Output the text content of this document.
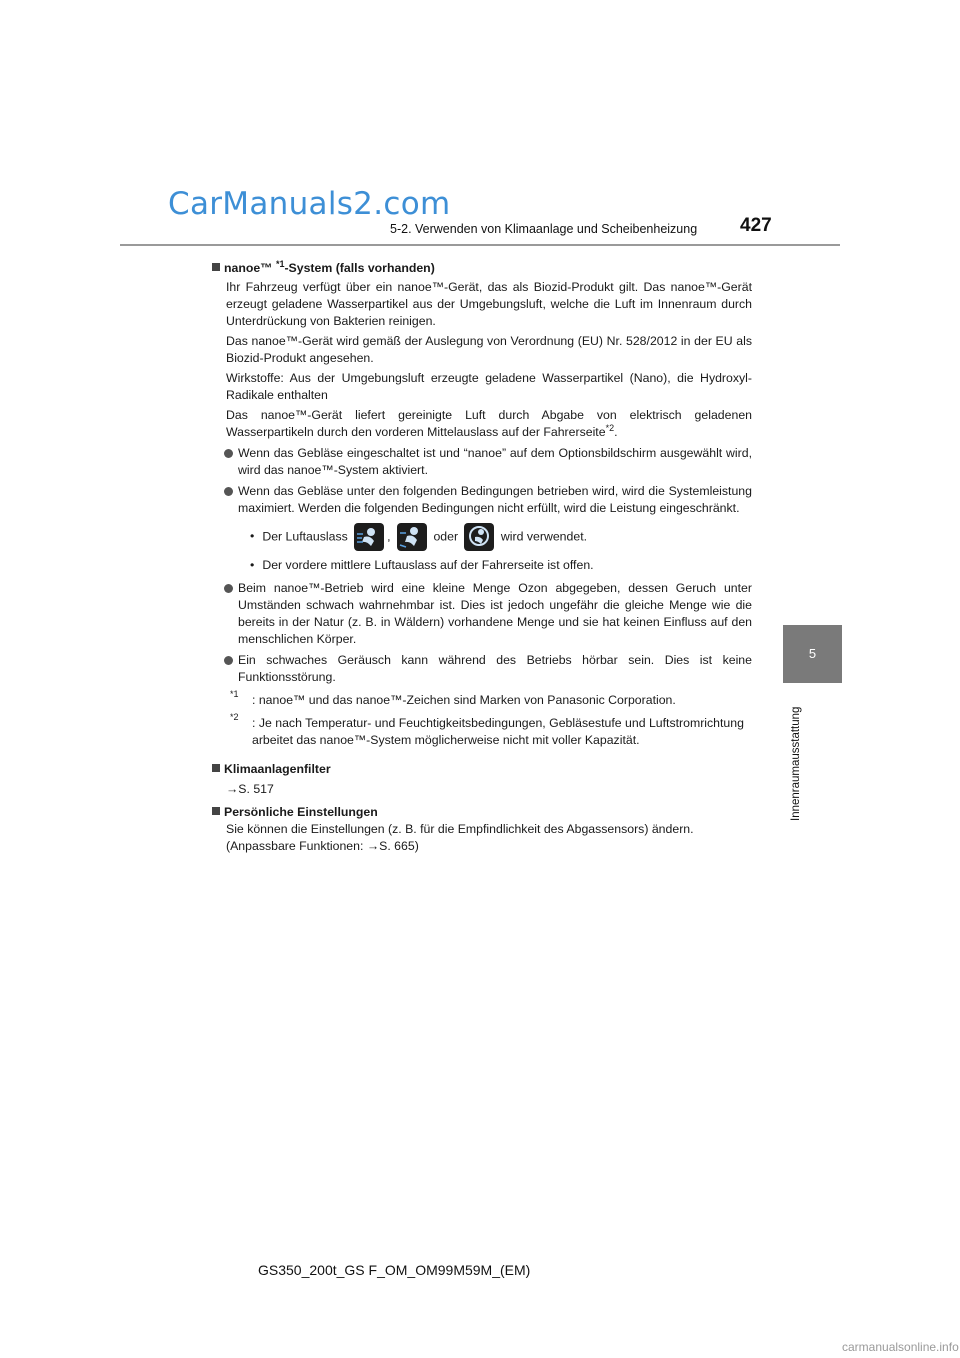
CarManuals2.com
5-2. Verwenden von Klimaanlage und Scheibenheizung 427
5
Innenraumausstattung
nanoe™ $^{*1}$-System (falls vorhanden)
Ihr Fahrzeug verfügt über ein nanoe™-Gerät, das als Biozid-Produkt gilt. Das nanoe™-Gerät erzeugt geladene Wasserpartikel aus der Umgebungsluft, welche die Luft im Innenraum durch Unterdrückung von Bakterien reinigen.
Das nanoe™-Gerät wird gemäß der Auslegung von Verordnung (EU) Nr. 528/2012 in der EU als Biozid-Produkt angesehen.
Wirkstoffe: Aus der Umgebungsluft erzeugte geladene Wasserpartikel (Nano), die Hydroxyl-Radikale enthalten
Das nanoe™-Gerät liefert gereinigte Luft durch Abgabe von elektrisch geladenen Wasserpartikeln durch den vorderen Mittelauslass auf der Fahrerseite$^{*2}$.
Wenn das Gebläse eingeschaltet ist und “nanoe” auf dem Optionsbildschirm ausgewählt wird, wird das nanoe™-System aktiviert.
Wenn das Gebläse unter den folgenden Bedingungen betrieben wird, wird die Systemleistung maximiert. Werden die folgenden Bedingungen nicht erfüllt, wird die Leistung eingeschränkt.
• Der Luftauslass	,	oder	wird verwendet.
• Der vordere mittlere Luftauslass auf der Fahrerseite ist offen.
Beim nanoe™-Betrieb wird eine kleine Menge Ozon abgegeben, dessen Geruch unter Umständen schwach wahrnehmbar ist. Dies ist jedoch ungefähr die gleiche Menge wie die bereits in der Natur (z. B. in Wäldern) vorhandene Menge und sie hat keinen Einfluss auf den menschlichen Körper.
Ein schwaches Geräusch kann während des Betriebs hörbar sein. Dies ist keine Funktionsstörung.
$^{*1}$ : nanoe™ und das nanoe™-Zeichen sind Marken von Panasonic Corporation.
$^{*2}$ : Je nach Temperatur- und Feuchtigkeitsbedingungen, Gebläsestufe und Luftstromrichtung arbeitet das nanoe™-System möglicherweise nicht mit voller Kapazität.
Klimaanlagenfilter
→S. 517
Persönliche Einstellungen
Sie können die Einstellungen (z. B. für die Empfindlichkeit des Abgassensors) ändern.
(Anpassbare Funktionen: →S. 665)
GS350_200t_GS F_OM_OM99M59M_(EM)
carmanualsonline.info
